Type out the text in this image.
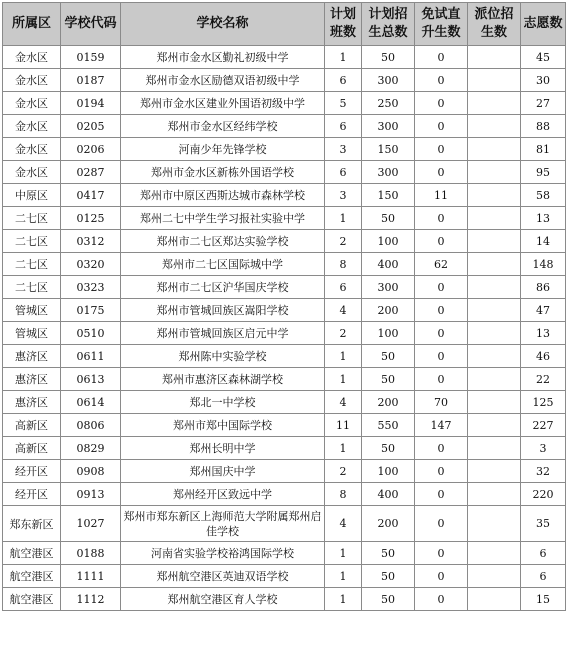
所属区	学校代码	学校名称	计划班数	计划招生总数	免试直升生数	派位招生数	志愿数
金水区	0159	郑州市金水区勤礼初级中学	1	50	0		45
金水区	0187	郑州市金水区励德双语初级中学	6	300	0		30
金水区	0194	郑州市金水区建业外国语初级中学	5	250	0		27
金水区	0205	郑州市金水区经纬学校	6	300	0		88
金水区	0206	河南少年先锋学校	3	150	0		81
金水区	0287	郑州市金水区新栋外国语学校	6	300	0		95
中原区	0417	郑州市中原区西斯达城市森林学校	3	150	11		58
二七区	0125	郑州二七中学生学习报社实验中学	1	50	0		13
二七区	0312	郑州市二七区郑达实验学校	2	100	0		14
二七区	0320	郑州市二七区国际城中学	8	400	62		148
二七区	0323	郑州市二七区沪华国庆学校	6	300	0		86
管城区	0175	郑州市管城回族区嵩阳学校	4	200	0		47
管城区	0510	郑州市管城回族区启元中学	2	100	0		13
惠济区	0611	郑州陈中实验学校	1	50	0		46
惠济区	0613	郑州市惠济区森林湖学校	1	50	0		22
惠济区	0614	郑北一中学校	4	200	70		125
高新区	0806	郑州市郑中国际学校	11	550	147		227
高新区	0829	郑州长明中学	1	50	0		3
经开区	0908	郑州国庆中学	2	100	0		32
经开区	0913	郑州经开区致远中学	8	400	0		220
郑东新区	1027	郑州市郑东新区上海师范大学附属郑州启佳学校	4	200	0		35
航空港区	0188	河南省实验学校裕鸿国际学校	1	50	0		6
航空港区	1111	郑州航空港区英迪双语学校	1	50	0		6
航空港区	1112	郑州航空港区育人学校	1	50	0		15
